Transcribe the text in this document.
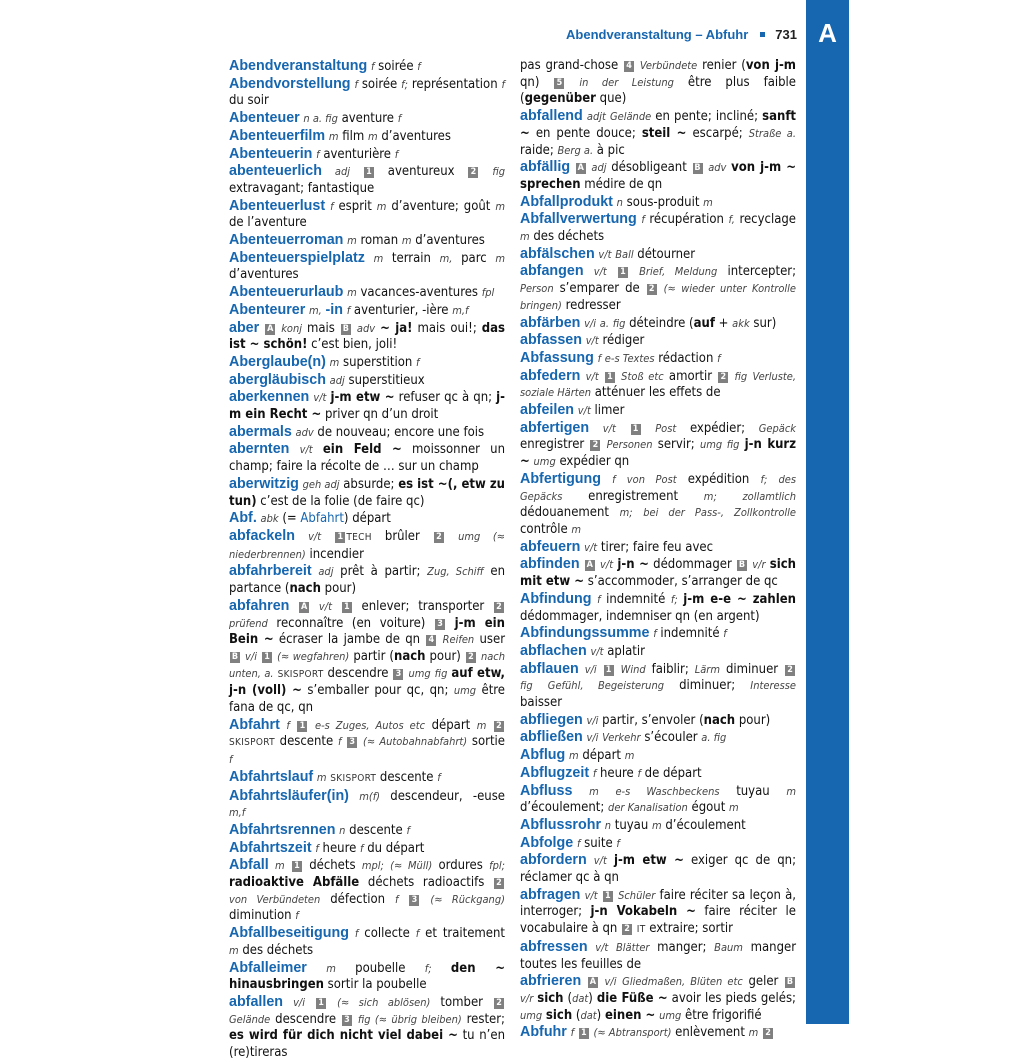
A
Abendveranstaltung – Abfuhr 731
Abendveranstaltung f soirée f
Abendvorstellung f soirée f; représentation f du soir
Abenteuer n a. fig aventure f
Abenteuerfilm m film m d’aventures
Abenteuerin f aventurière f
abenteuerlich adj 1 aventureux 2 fig extravagant; fantastique
Abenteuerlust f esprit m d’aventure; goût m de l’aventure
Abenteuerroman m roman m d’aventures
Abenteuerspielplatz m terrain m, parc m d’aventures
Abenteuerurlaub m vacances-aventures fpl
Abenteurer m, -in f aventurier, -ière m,f
aber A konj mais B adv ~ ja! mais oui!; das ist ~ schön! c’est bien, joli!
Aberglaube(n) m superstition f
abergläubisch adj superstitieux
aberkennen v/t j-m etw ~ refuser qc à qn; j-m ein Recht ~ priver qn d’un droit
abermals adv de nouveau; encore une fois
abernten v/t ein Feld ~ moissonner un champ; faire la récolte de … sur un champ
aberwitzig geh adj absurde; es ist ~(, etw zu tun) c’est de la folie (de faire qc)
Abf. abk (= Abfahrt) départ
abfackeln v/t 1 TECH brûler 2 umg (≈ niederbrennen) incendier
abfahrbereit adj prêt à partir; Zug, Schiff en partance (nach pour)
abfahren A v/t 1 enlever; transporter 2 prüfend reconnaître (en voiture) 3 j-m ein Bein ~ écraser la jambe de qn 4 Reifen user B v/i 1 (≈ wegfahren) partir (nach pour) 2 nach unten, a. SKISPORT descendre 3 umg fig auf etw, j-n (voll) ~ s’emballer pour qc, qn; umg être fana de qc, qn
Abfahrt f 1 e-s Zuges, Autos etc départ m 2 SKISPORT descente f 3 (≈ Autobahnabfahrt) sortie f
Abfahrtslauf m SKISPORT descente f
Abfahrtsläufer(in) m(f) descendeur, -euse m,f
Abfahrtsrennen n descente f
Abfahrtszeit f heure f du départ
Abfall m 1 déchets mpl; (≈ Müll) ordures fpl; radioaktive Abfälle déchets radioactifs 2 von Verbündeten défection f 3 (≈ Rückgang) diminution f
Abfallbeseitigung f collecte f et traitement m des déchets
Abfalleimer m poubelle f; den ~ hinausbringen sortir la poubelle
abfallen v/i 1 (≈ sich ablösen) tomber 2 Gelände descendre 3 fig (≈ übrig bleiben) rester; es wird für dich nicht viel dabei ~ tu n’en (re)tireras
pas grand-chose 4 Verbündete renier (von j-m qn) 5 in der Leistung être plus faible (gegenüber que)
abfallend adjt Gelände en pente; incliné; sanft ~ en pente douce; steil ~ escarpé; Straße a. raide; Berg a. à pic
abfällig A adj désobligeant B adv von j-m ~ sprechen médire de qn
Abfallprodukt n sous-produit m
Abfallverwertung f récupération f, recyclage m des déchets
abfälschen v/t Ball détourner
abfangen v/t 1 Brief, Meldung intercepter; Person s’emparer de 2 (≈ wieder unter Kontrolle bringen) redresser
abfärben v/i a. fig déteindre (auf + akk sur)
abfassen v/t rédiger
Abfassung f e-s Textes rédaction f
abfedern v/t 1 Stoß etc amortir 2 fig Verluste, soziale Härten atténuer les effets de
abfeilen v/t limer
abfertigen v/t 1 Post expédier; Gepäck enregistrer 2 Personen servir; umg fig j-n kurz ~ umg expédier qn
Abfertigung f von Post expédition f; des Gepäcks enregistrement m; zollamtlich dédouanement m; bei der Pass-, Zollkontrolle contrôle m
abfeuern v/t tirer; faire feu avec
abfinden A v/t j-n ~ dédommager B v/r sich mit etw ~ s’accommoder, s’arranger de qc
Abfindung f indemnité f; j-m e-e ~ zahlen dédommager, indemniser qn (en argent)
Abfindungssumme f indemnité f
abflachen v/t aplatir
abflauen v/i 1 Wind faiblir; Lärm diminuer 2 fig Gefühl, Begeisterung diminuer; Interesse baisser
abfliegen v/i partir, s’envoler (nach pour)
abfließen v/i Verkehr s’écouler a. fig
Abflug m départ m
Abflugzeit f heure f de départ
Abfluss m e-s Waschbeckens tuyau m d’écoulement; der Kanalisation égout m
Abflussrohr n tuyau m d’écoulement
Abfolge f suite f
abfordern v/t j-m etw ~ exiger qc de qn; réclamer qc à qn
abfragen v/t 1 Schüler faire réciter sa leçon à, interroger; j-n Vokabeln ~ faire réciter le vocabulaire à qn 2 IT extraire; sortir
abfressen v/t Blätter manger; Baum manger toutes les feuilles de
abfrieren A v/i Gliedmaßen, Blüten etc geler B v/r sich (dat) die Füße ~ avoir les pieds gelés; umg sich (dat) einen ~ umg être frigorifié
Abfuhr f 1 (≈ Abtransport) enlèvement m 2
